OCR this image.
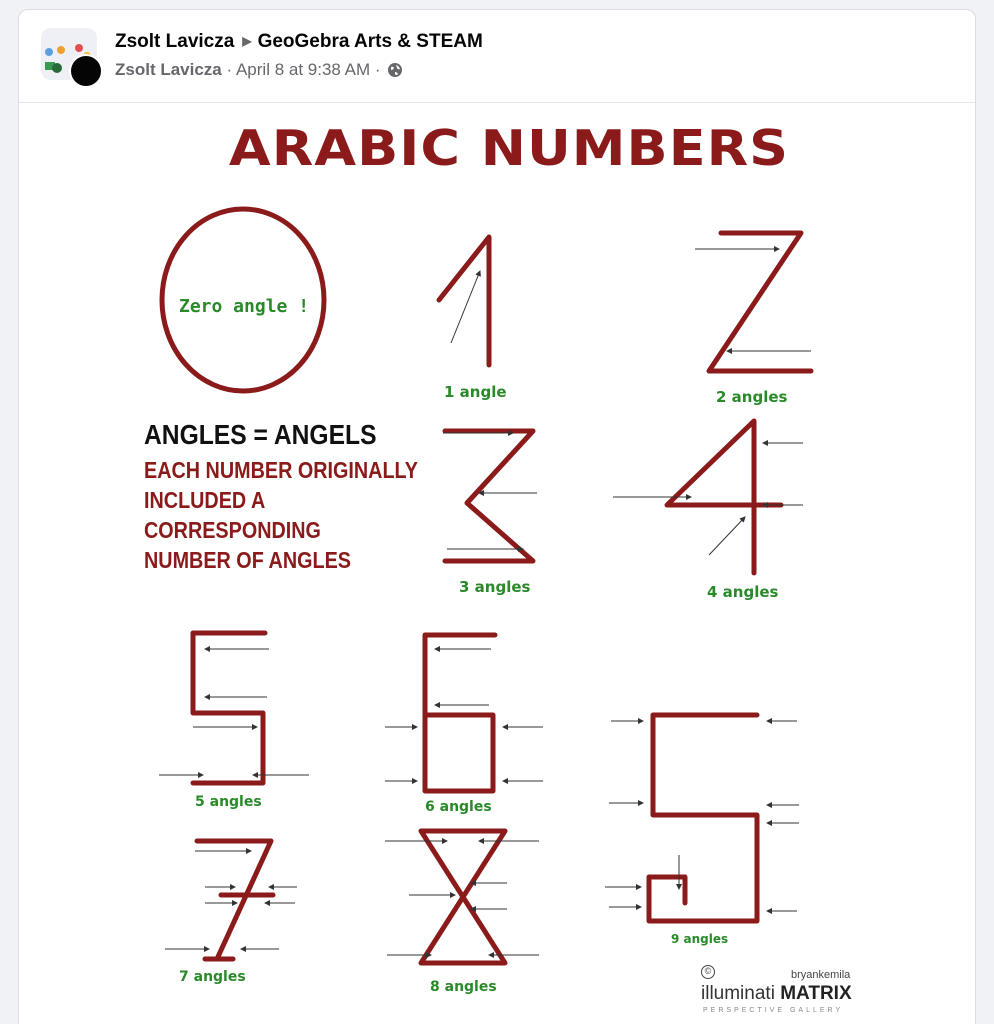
Zsolt Lavicza ▶ GeoGebra Arts & STEAM
Zsolt Lavicza · April 8 at 9:38 AM ·
ARABIC NUMBERS
Zero angle !
1 angle	2 angles
3 angles	4 angles
5 angles	6 angles
7 angles
8 angles
9 angles
ANGLES = ANGELS
EACH NUMBER ORIGINALLY
INCLUDED A
CORRESPONDING
NUMBER OF ANGLES
©	bryankemila
illuminati MATRIX
PERSPECTIVE GALLERY
